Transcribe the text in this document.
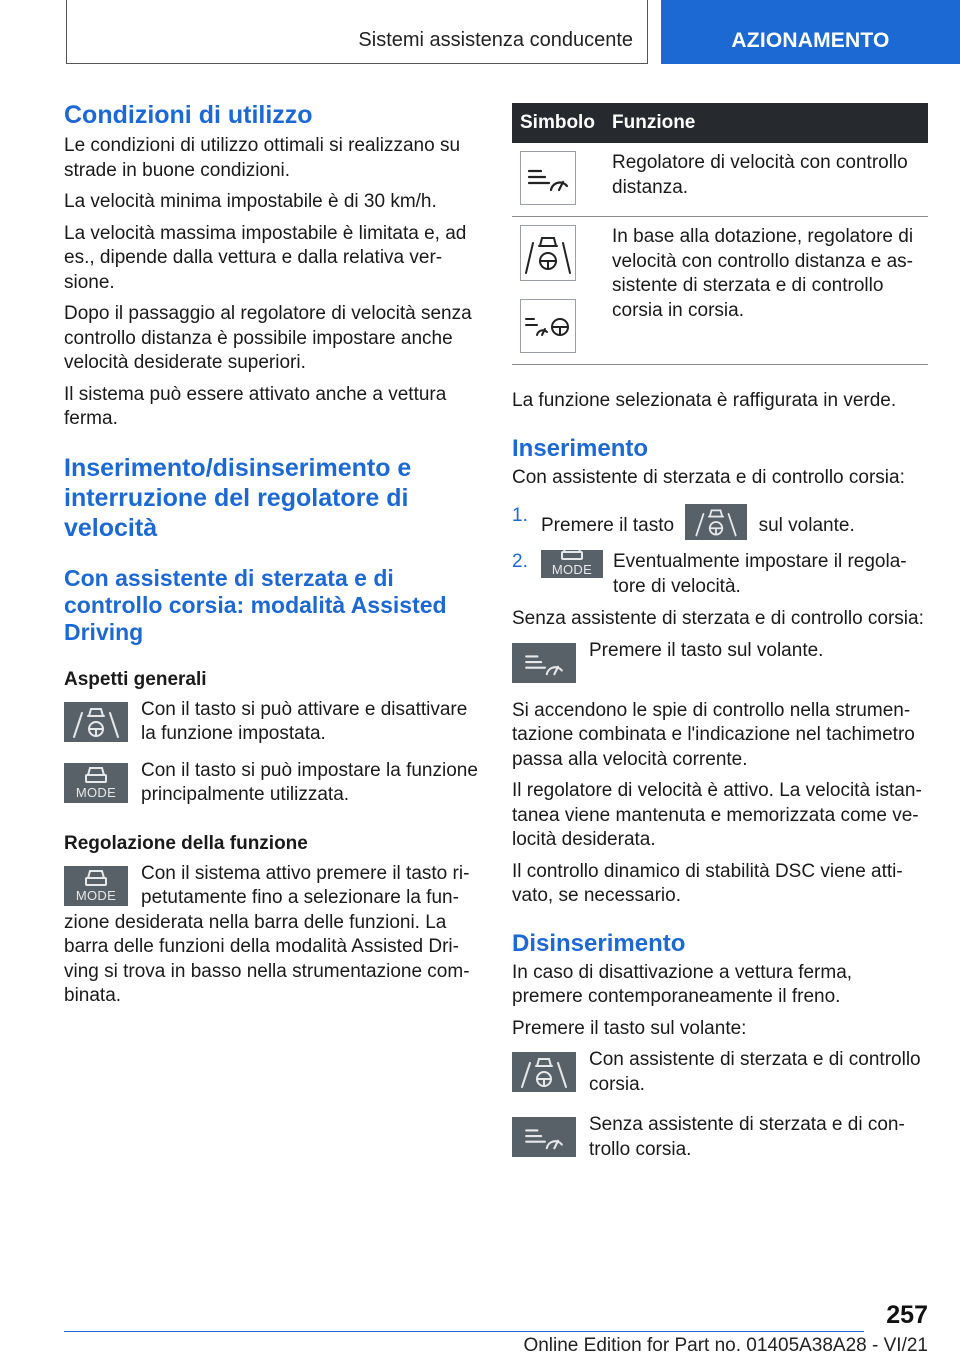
Sistemi assistenza conducente	AZIONAMENTO
Condizioni di utilizzo

Le condizioni di utilizzo ottimali si realizzano su strade in buone condizioni.

La velocità minima impostabile è di 30 km/h.

La velocità massima impostabile è limitata e, ad es., dipende dalla vettura e dalla relativa versione.

Dopo il passaggio al regolatore di velocità senza controllo distanza è possibile impostare anche velocità desiderate superiori.

Il sistema può essere attivato anche a vettura ferma.

Inserimento/disinserimento e interruzione del regolatore di velocità
Con assistente di sterzata e di controllo corsia: modalità Assisted Driving
Aspetti generali

Con il tasto si può attivare e disattivare la funzione impostata.

MODE

Con il tasto si può impostare la funzione principalmente utilizzata.

Regolazione della funzione
MODE

Con il sistema attivo premere il tasto ripetutamente fino a selezionare la funzione desiderata nella barra delle funzioni. La barra delle funzioni della modalità Assisted Driving si trova in basso nella strumentazione combinata.

Simbolo	Funzione

	Regolatore di velocità con controllo distanza.

	In base alla dotazione, regolatore di velocità con controllo distanza e assistente di sterzata e di controllo corsia in corsia.

La funzione selezionata è raffigurata in verde.

Inserimento

Con assistente di sterzata e di controllo corsia:

1. Premere il tasto	sul volante.
2. MODE Eventualmente impostare il regolatore di velocità.

Senza assistente di sterzata e di controllo corsia:

Premere il tasto sul volante.

Si accendono le spie di controllo nella strumentazione combinata e l'indicazione nel tachimetro passa alla velocità corrente.

Il regolatore di velocità è attivo. La velocità istantanea viene mantenuta e memorizzata come velocità desiderata.

Il controllo dinamico di stabilità DSC viene attivato, se necessario.

Disinserimento

In caso di disattivazione a vettura ferma, premere contemporaneamente il freno.

Premere il tasto sul volante:

Con assistente di sterzata e di controllo corsia.

Senza assistente di sterzata e di controllo corsia.

257
Online Edition for Part no. 01405A38A28 - VI/21
